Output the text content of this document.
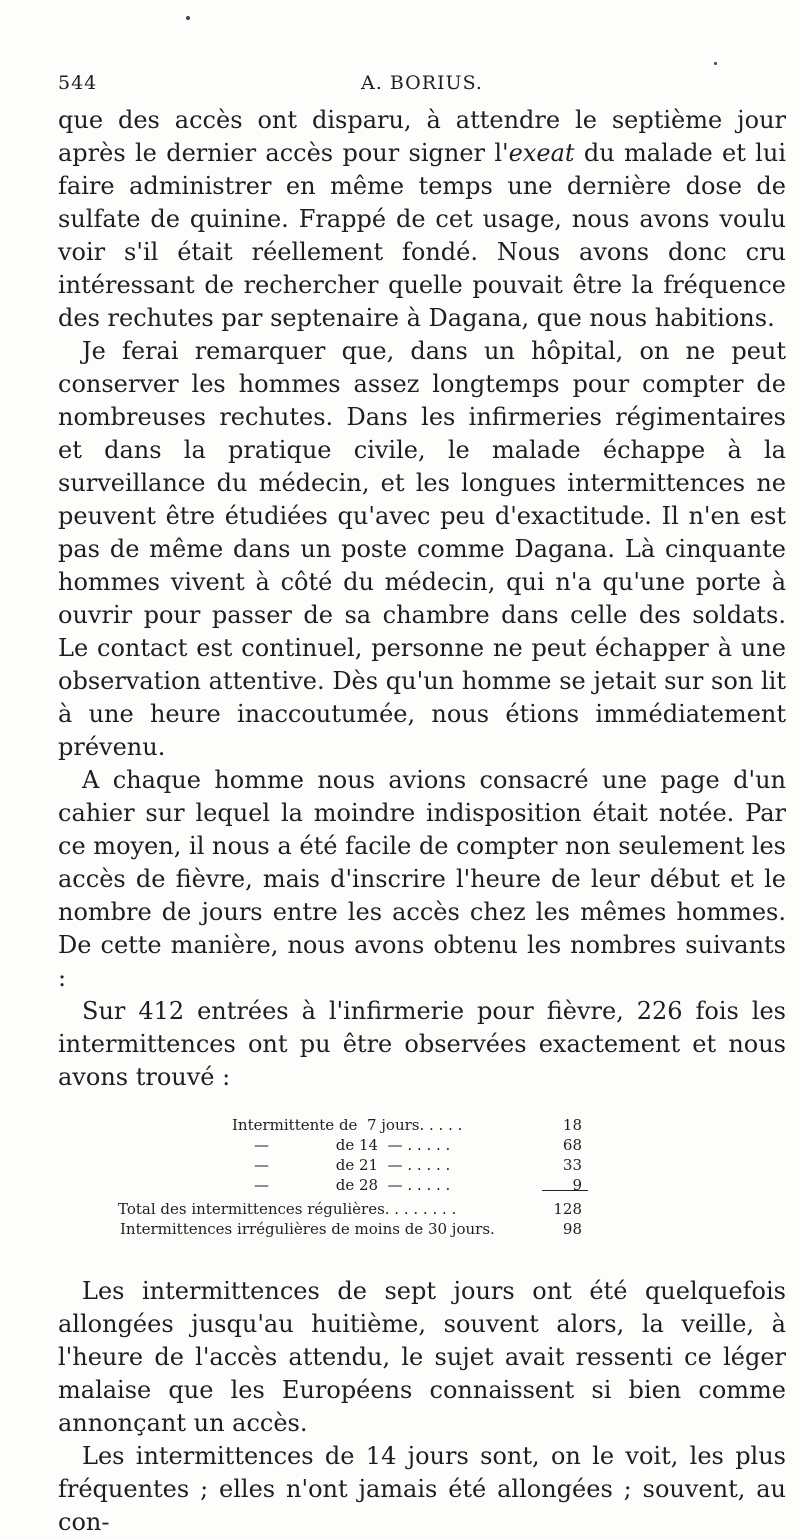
544	A. BORIUS.

que des accès ont disparu, à attendre le septième jour après le dernier accès pour signer l'exeat du malade et lui faire administrer en même temps une dernière dose de sulfate de quinine. Frappé de cet usage, nous avons voulu voir s'il était réellement fondé. Nous avons donc cru intéressant de rechercher quelle pouvait être la fréquence des rechutes par septenaire à Dagana, que nous habitions.

Je ferai remarquer que, dans un hôpital, on ne peut conserver les hommes assez longtemps pour compter de nombreuses rechutes. Dans les infirmeries régimentaires et dans la pratique civile, le malade échappe à la surveillance du médecin, et les longues intermittences ne peuvent être étudiées qu'avec peu d'exactitude. Il n'en est pas de même dans un poste comme Dagana. Là cinquante hommes vivent à côté du médecin, qui n'a qu'une porte à ouvrir pour passer de sa chambre dans celle des soldats. Le contact est continuel, personne ne peut échapper à une observation attentive. Dès qu'un homme se jetait sur son lit à une heure inaccoutumée, nous étions immédiatement prévenu.

A chaque homme nous avions consacré une page d'un cahier sur lequel la moindre indisposition était notée. Par ce moyen, il nous a été facile de compter non seulement les accès de fièvre, mais d'inscrire l'heure de leur début et le nombre de jours entre les accès chez les mêmes hommes. De cette manière, nous avons obtenu les nombres suivants :

Sur 412 entrées à l'infirmerie pour fièvre, 226 fois les intermittences ont pu être observées exactement et nous avons trouvé :

Intermittente de  7 jours. . . . .	18
—              de 14  — . . . . .	68
—              de 21  — . . . . .	33
—              de 28  — . . . . .	9
Total des intermittences régulières. . . . . . . .	128
Intermittences irrégulières de moins de 30 jours.	98

Les intermittences de sept jours ont été quelquefois allongées jusqu'au huitième, souvent alors, la veille, à l'heure de l'accès attendu, le sujet avait ressenti ce léger malaise que les Européens connaissent si bien comme annonçant un accès.

Les intermittences de 14 jours sont, on le voit, les plus fréquentes ; elles n'ont jamais été allongées ; souvent, au con-
